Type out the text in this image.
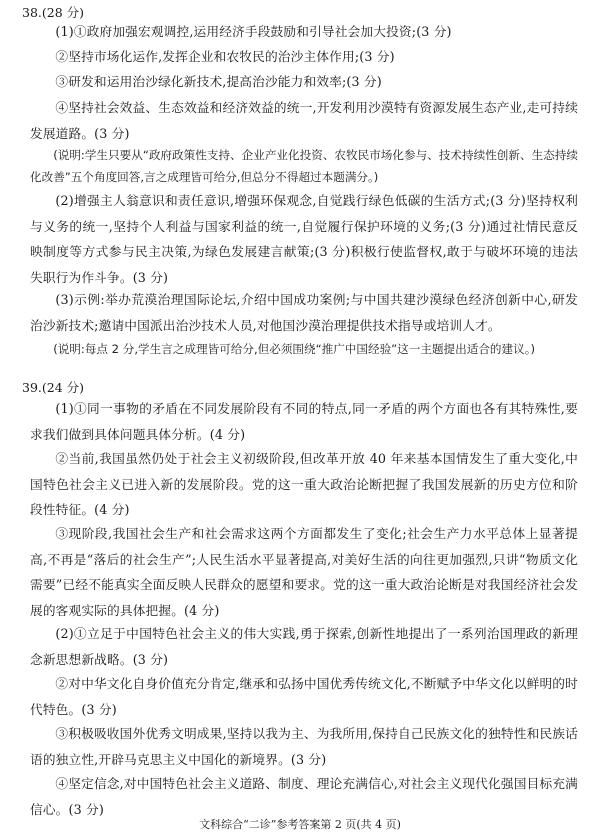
38.(28 分)
(1)①政府加强宏观调控,运用经济手段鼓励和引导社会加大投资;(3 分)
②坚持市场化运作,发挥企业和农牧民的治沙主体作用;(3 分)
③研发和运用治沙绿化新技术,提高治沙能力和效率;(3 分)
④坚持社会效益、生态效益和经济效益的统一,开发利用沙漠特有资源发展生态产业,走可持续发展道路。(3 分)
(说明:学生只要从“政府政策性支持、企业产业化投资、农牧民市场化参与、技术持续性创新、生态持续化改善”五个角度回答,言之成理皆可给分,但总分不得超过本题满分。)
(2)增强主人翁意识和责任意识,增强环保观念,自觉践行绿色低碳的生活方式;(3 分)坚持权利与义务的统一,坚持个人利益与国家利益的统一,自觉履行保护环境的义务;(3 分)通过社情民意反映制度等方式参与民主决策,为绿色发展建言献策;(3 分)积极行使监督权,敢于与破坏环境的违法失职行为作斗争。(3 分)
(3)示例:举办荒漠治理国际论坛,介绍中国成功案例;与中国共建沙漠绿色经济创新中心,研发治沙新技术;邀请中国派出治沙技术人员,对他国沙漠治理提供技术指导或培训人才。
(说明:每点 2 分,学生言之成理皆可给分,但必须围绕“推广中国经验”这一主题提出适合的建议。)
39.(24 分)
(1)①同一事物的矛盾在不同发展阶段有不同的特点,同一矛盾的两个方面也各有其特殊性,要求我们做到具体问题具体分析。(4 分)
②当前,我国虽然仍处于社会主义初级阶段,但改革开放 40 年来基本国情发生了重大变化,中国特色社会主义已进入新的发展阶段。党的这一重大政治论断把握了我国发展新的历史方位和阶段性特征。(4 分)
③现阶段,我国社会生产和社会需求这两个方面都发生了变化;社会生产力水平总体上显著提高,不再是“落后的社会生产”;人民生活水平显著提高,对美好生活的向往更加强烈,只讲“物质文化需要”已经不能真实全面反映人民群众的愿望和要求。党的这一重大政治论断是对我国经济社会发展的客观实际的具体把握。(4 分)
(2)①立足于中国特色社会主义的伟大实践,勇于探索,创新性地提出了一系列治国理政的新理念新思想新战略。(3 分)
②对中华文化自身价值充分肯定,继承和弘扬中国优秀传统文化,不断赋予中华文化以鲜明的时代特色。(3 分)
③积极吸收国外优秀文明成果,坚持以我为主、为我所用,保持自己民族文化的独特性和民族话语的独立性,开辟马克思主义中国化的新境界。(3 分)
④坚定信念,对中国特色社会主义道路、制度、理论充满信心,对社会主义现代化强国目标充满信心。(3 分)
文科综合“二诊”参考答案第 2 页(共 4 页)
